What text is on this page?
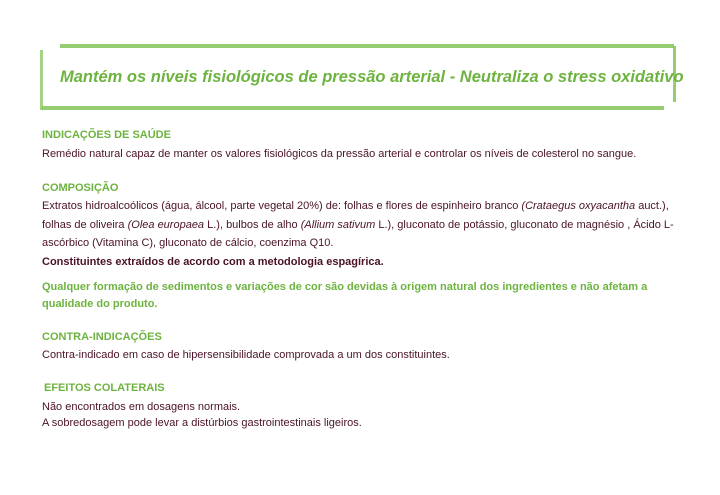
Mantém os níveis fisiológicos de pressão arterial - Neutraliza o stress oxidativo
INDICAÇÕES DE SAÚDE
Remédio natural capaz de manter os valores fisiológicos da pressão arterial e controlar os níveis de colesterol no sangue.
COMPOSIÇÃO
Extratos hidroalcoólicos (água, álcool, parte vegetal 20%) de: folhas e flores de espinheiro branco (Crataegus oxyacantha auct.), folhas de oliveira (Olea europaea L.), bulbos de alho (Allium sativum L.), gluconato de potássio, gluconato de magnésio , Ácido L-ascórbico (Vitamina C), gluconato de cálcio, coenzima Q10.
Constituintes extraídos de acordo com a metodologia espagírica.
Qualquer formação de sedimentos e variações de cor são devidas à origem natural dos ingredientes e não afetam a qualidade do produto.
CONTRA-INDICAÇÕES
Contra-indicado em caso de hipersensibilidade comprovada a um dos constituintes.
EFEITOS COLATERAIS
Não encontrados em dosagens normais.
A sobredosagem pode levar a distúrbios gastrointestinais ligeiros.
